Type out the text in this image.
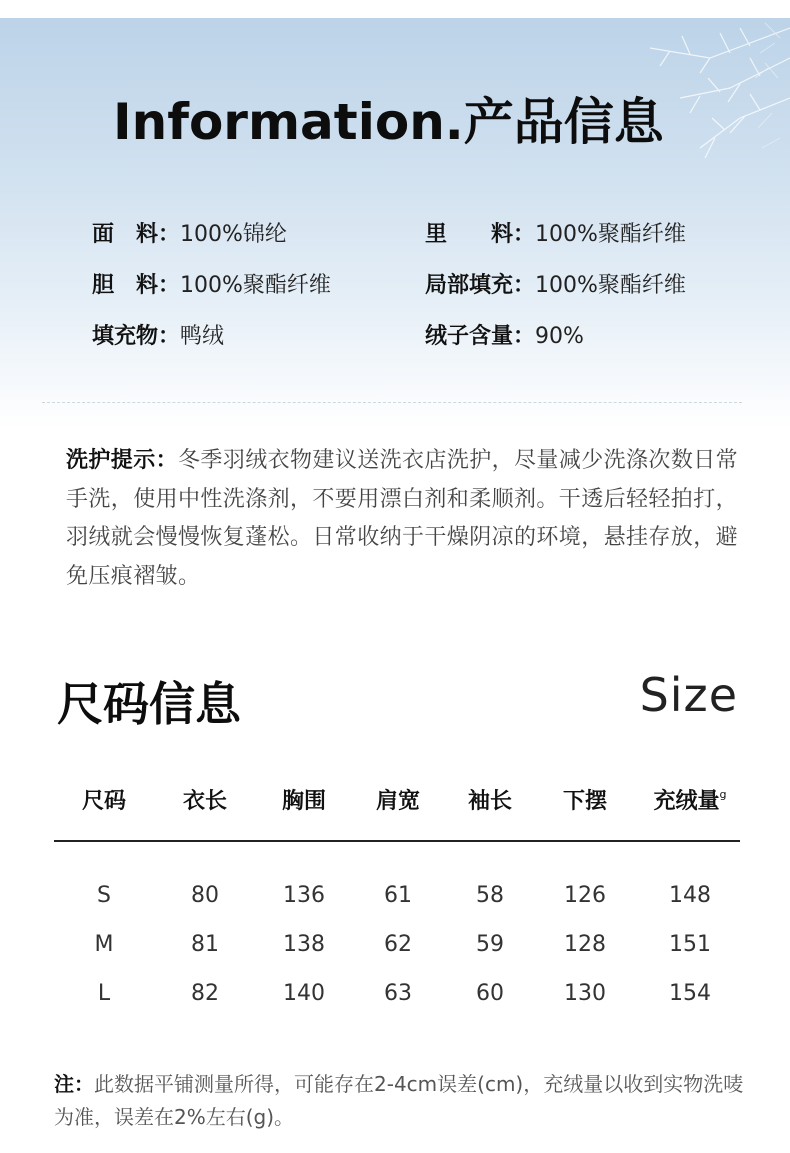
Information.产品信息
面　料：100%锦纶	里　　料：100%聚酯纤维
胆　料：100%聚酯纤维	局部填充：100%聚酯纤维
填充物：鸭绒	绒子含量：90%
洗护提示：冬季羽绒衣物建议送洗衣店洗护，尽量减少洗涤次数日常手洗，使用中性洗涤剂，不要用漂白剂和柔顺剂。干透后轻轻拍打，羽绒就会慢慢恢复蓬松。日常收纳于干燥阴凉的环境，悬挂存放，避免压痕褶皱。
尺码信息	Size
尺码	衣长	胸围	肩宽	袖长	下摆	充绒量$^g$
S	80	136	61	58	126	148
M	81	138	62	59	128	151
L	82	140	63	60	130	154
注：此数据平铺测量所得，可能存在2-4cm误差(cm)，充绒量以收到实物洗唛为准，误差在2%左右(g)。
